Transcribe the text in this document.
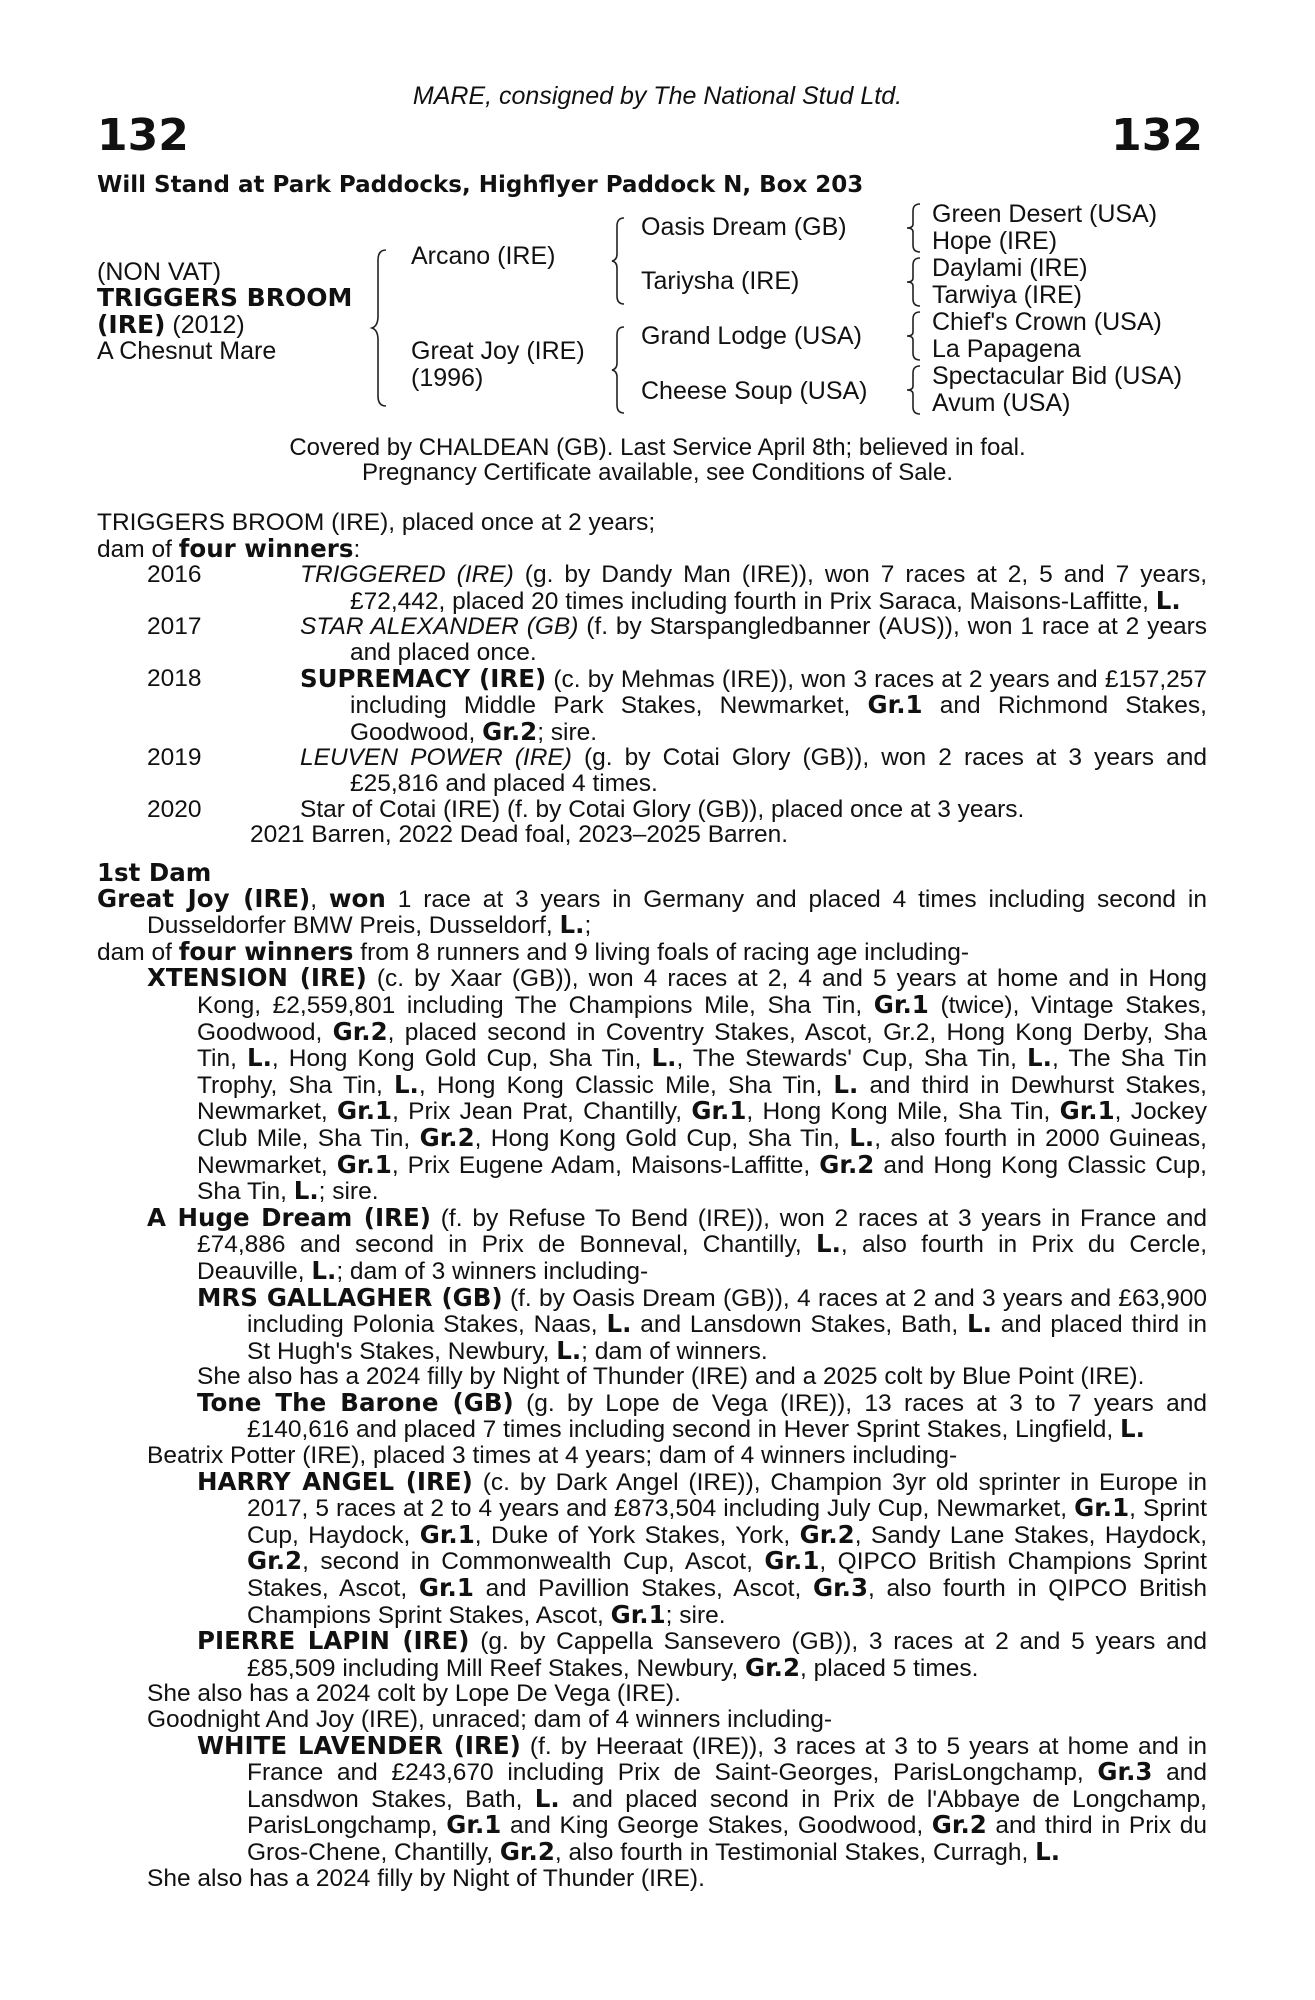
MARE, consigned by The National Stud Ltd.
132	132
Will Stand at Park Paddocks, Highflyer Paddock N, Box 203
(NON VAT)
TRIGGERS BROOM
(IRE) (2012)
A Chesnut Mare
Arcano (IRE)
Great Joy (IRE)
(1996)
Oasis Dream (GB)
Tariysha (IRE)
Grand Lodge (USA)
Cheese Soup (USA)
Green Desert (USA)
Hope (IRE)
Daylami (IRE)
Tarwiya (IRE)
Chief's Crown (USA)
La Papagena
Spectacular Bid (USA)
Avum (USA)
Covered by CHALDEAN (GB). Last Service April 8th; believed in foal.
Pregnancy Certificate available, see Conditions of Sale.
TRIGGERS BROOM (IRE), placed once at 2 years;
dam of four winners:
2016	TRIGGERED (IRE) (g. by Dandy Man (IRE)), won 7 races at 2, 5 and 7 years, £72,442, placed 20 times including fourth in Prix Saraca, Maisons-Laffitte, L.
2017	STAR ALEXANDER (GB) (f. by Starspangledbanner (AUS)), won 1 race at 2 years and placed once.
2018	SUPREMACY (IRE) (c. by Mehmas (IRE)), won 3 races at 2 years and £157,257 including Middle Park Stakes, Newmarket, Gr.1 and Richmond Stakes, Goodwood, Gr.2; sire.
2019	LEUVEN POWER (IRE) (g. by Cotai Glory (GB)), won 2 races at 3 years and £25,816 and placed 4 times.
2020	Star of Cotai (IRE) (f. by Cotai Glory (GB)), placed once at 3 years.
2021 Barren, 2022 Dead foal, 2023–2025 Barren.
1st Dam
Great Joy (IRE), won 1 race at 3 years in Germany and placed 4 times including second in Dusseldorfer BMW Preis, Dusseldorf, L.;
dam of four winners from 8 runners and 9 living foals of racing age including-
XTENSION (IRE) (c. by Xaar (GB)), won 4 races at 2, 4 and 5 years at home and in Hong Kong, £2,559,801 including The Champions Mile, Sha Tin, Gr.1 (twice), Vintage Stakes, Goodwood, Gr.2, placed second in Coventry Stakes, Ascot, Gr.2, Hong Kong Derby, Sha Tin, L., Hong Kong Gold Cup, Sha Tin, L., The Stewards' Cup, Sha Tin, L., The Sha Tin Trophy, Sha Tin, L., Hong Kong Classic Mile, Sha Tin, L. and third in Dewhurst Stakes, Newmarket, Gr.1, Prix Jean Prat, Chantilly, Gr.1, Hong Kong Mile, Sha Tin, Gr.1, Jockey Club Mile, Sha Tin, Gr.2, Hong Kong Gold Cup, Sha Tin, L., also fourth in 2000 Guineas, Newmarket, Gr.1, Prix Eugene Adam, Maisons-Laffitte, Gr.2 and Hong Kong Classic Cup, Sha Tin, L.; sire.
A Huge Dream (IRE) (f. by Refuse To Bend (IRE)), won 2 races at 3 years in France and £74,886 and second in Prix de Bonneval, Chantilly, L., also fourth in Prix du Cercle, Deauville, L.; dam of 3 winners including-
MRS GALLAGHER (GB) (f. by Oasis Dream (GB)), 4 races at 2 and 3 years and £63,900 including Polonia Stakes, Naas, L. and Lansdown Stakes, Bath, L. and placed third in St Hugh's Stakes, Newbury, L.; dam of winners.
She also has a 2024 filly by Night of Thunder (IRE) and a 2025 colt by Blue Point (IRE).
Tone The Barone (GB) (g. by Lope de Vega (IRE)), 13 races at 3 to 7 years and £140,616 and placed 7 times including second in Hever Sprint Stakes, Lingfield, L.
Beatrix Potter (IRE), placed 3 times at 4 years; dam of 4 winners including-
HARRY ANGEL (IRE) (c. by Dark Angel (IRE)), Champion 3yr old sprinter in Europe in 2017, 5 races at 2 to 4 years and £873,504 including July Cup, Newmarket, Gr.1, Sprint Cup, Haydock, Gr.1, Duke of York Stakes, York, Gr.2, Sandy Lane Stakes, Haydock, Gr.2, second in Commonwealth Cup, Ascot, Gr.1, QIPCO British Champions Sprint Stakes, Ascot, Gr.1 and Pavillion Stakes, Ascot, Gr.3, also fourth in QIPCO British Champions Sprint Stakes, Ascot, Gr.1; sire.
PIERRE LAPIN (IRE) (g. by Cappella Sansevero (GB)), 3 races at 2 and 5 years and £85,509 including Mill Reef Stakes, Newbury, Gr.2, placed 5 times.
She also has a 2024 colt by Lope De Vega (IRE).
Goodnight And Joy (IRE), unraced; dam of 4 winners including-
WHITE LAVENDER (IRE) (f. by Heeraat (IRE)), 3 races at 3 to 5 years at home and in France and £243,670 including Prix de Saint-Georges, ParisLongchamp, Gr.3 and Lansdwon Stakes, Bath, L. and placed second in Prix de l'Abbaye de Longchamp, ParisLongchamp, Gr.1 and King George Stakes, Goodwood, Gr.2 and third in Prix du Gros-Chene, Chantilly, Gr.2, also fourth in Testimonial Stakes, Curragh, L.
She also has a 2024 filly by Night of Thunder (IRE).
